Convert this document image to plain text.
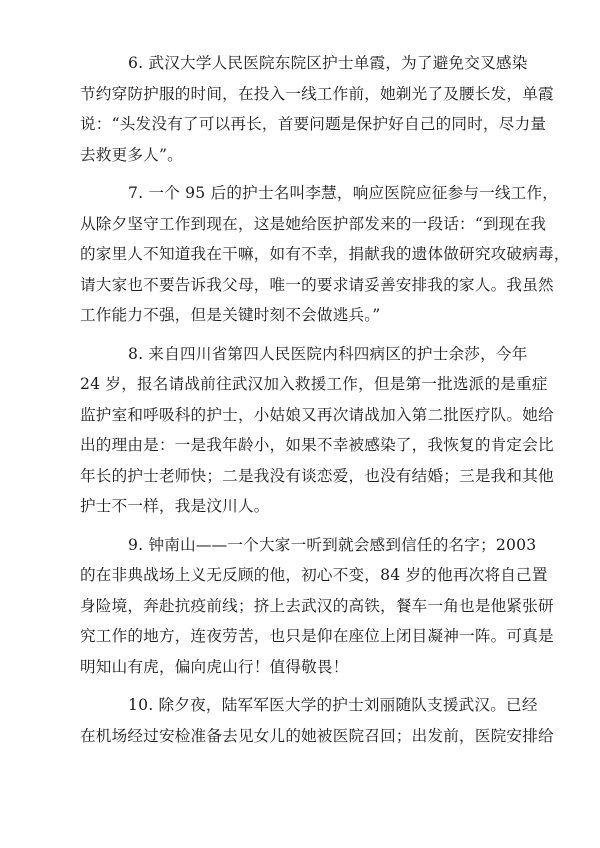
6. 武汉大学人民医院东院区护士单霞，为了避免交叉感染
节约穿防护服的时间，在投入一线工作前，她剃光了及腰长发，单霞
说：“头发没有了可以再长，首要问题是保护好自己的同时，尽力量
去救更多人”。

7. 一个 95 后的护士名叫李慧，响应医院应征参与一线工作，
从除夕坚守工作到现在，这是她给医护部发来的一段话：“到现在我
的家里人不知道我在干嘛，如有不幸，捐献我的遗体做研究攻破病毒，
请大家也不要告诉我父母，唯一的要求请妥善安排我的家人。我虽然
工作能力不强，但是关键时刻不会做逃兵。”

8. 来自四川省第四人民医院内科四病区的护士余莎，今年
24 岁，报名请战前往武汉加入救援工作，但是第一批选派的是重症
监护室和呼吸科的护士，小姑娘又再次请战加入第二批医疗队。她给
出的理由是：一是我年龄小，如果不幸被感染了，我恢复的肯定会比
年长的护士老师快；二是我没有谈恋爱，也没有结婚；三是我和其他
护士不一样，我是汶川人。

9. 钟南山——一个大家一听到就会感到信任的名字；2003
的在非典战场上义无反顾的他，初心不变，84 岁的他再次将自己置
身险境，奔赴抗疫前线；挤上去武汉的高铁，餐车一角也是他紧张研
究工作的地方，连夜劳苦，也只是仰在座位上闭目凝神一阵。可真是
明知山有虎，偏向虎山行！值得敬畏！

10. 除夕夜，陆军军医大学的护士刘丽随队支援武汉。已经
在机场经过安检准备去见女儿的她被医院召回；出发前，医院安排给
